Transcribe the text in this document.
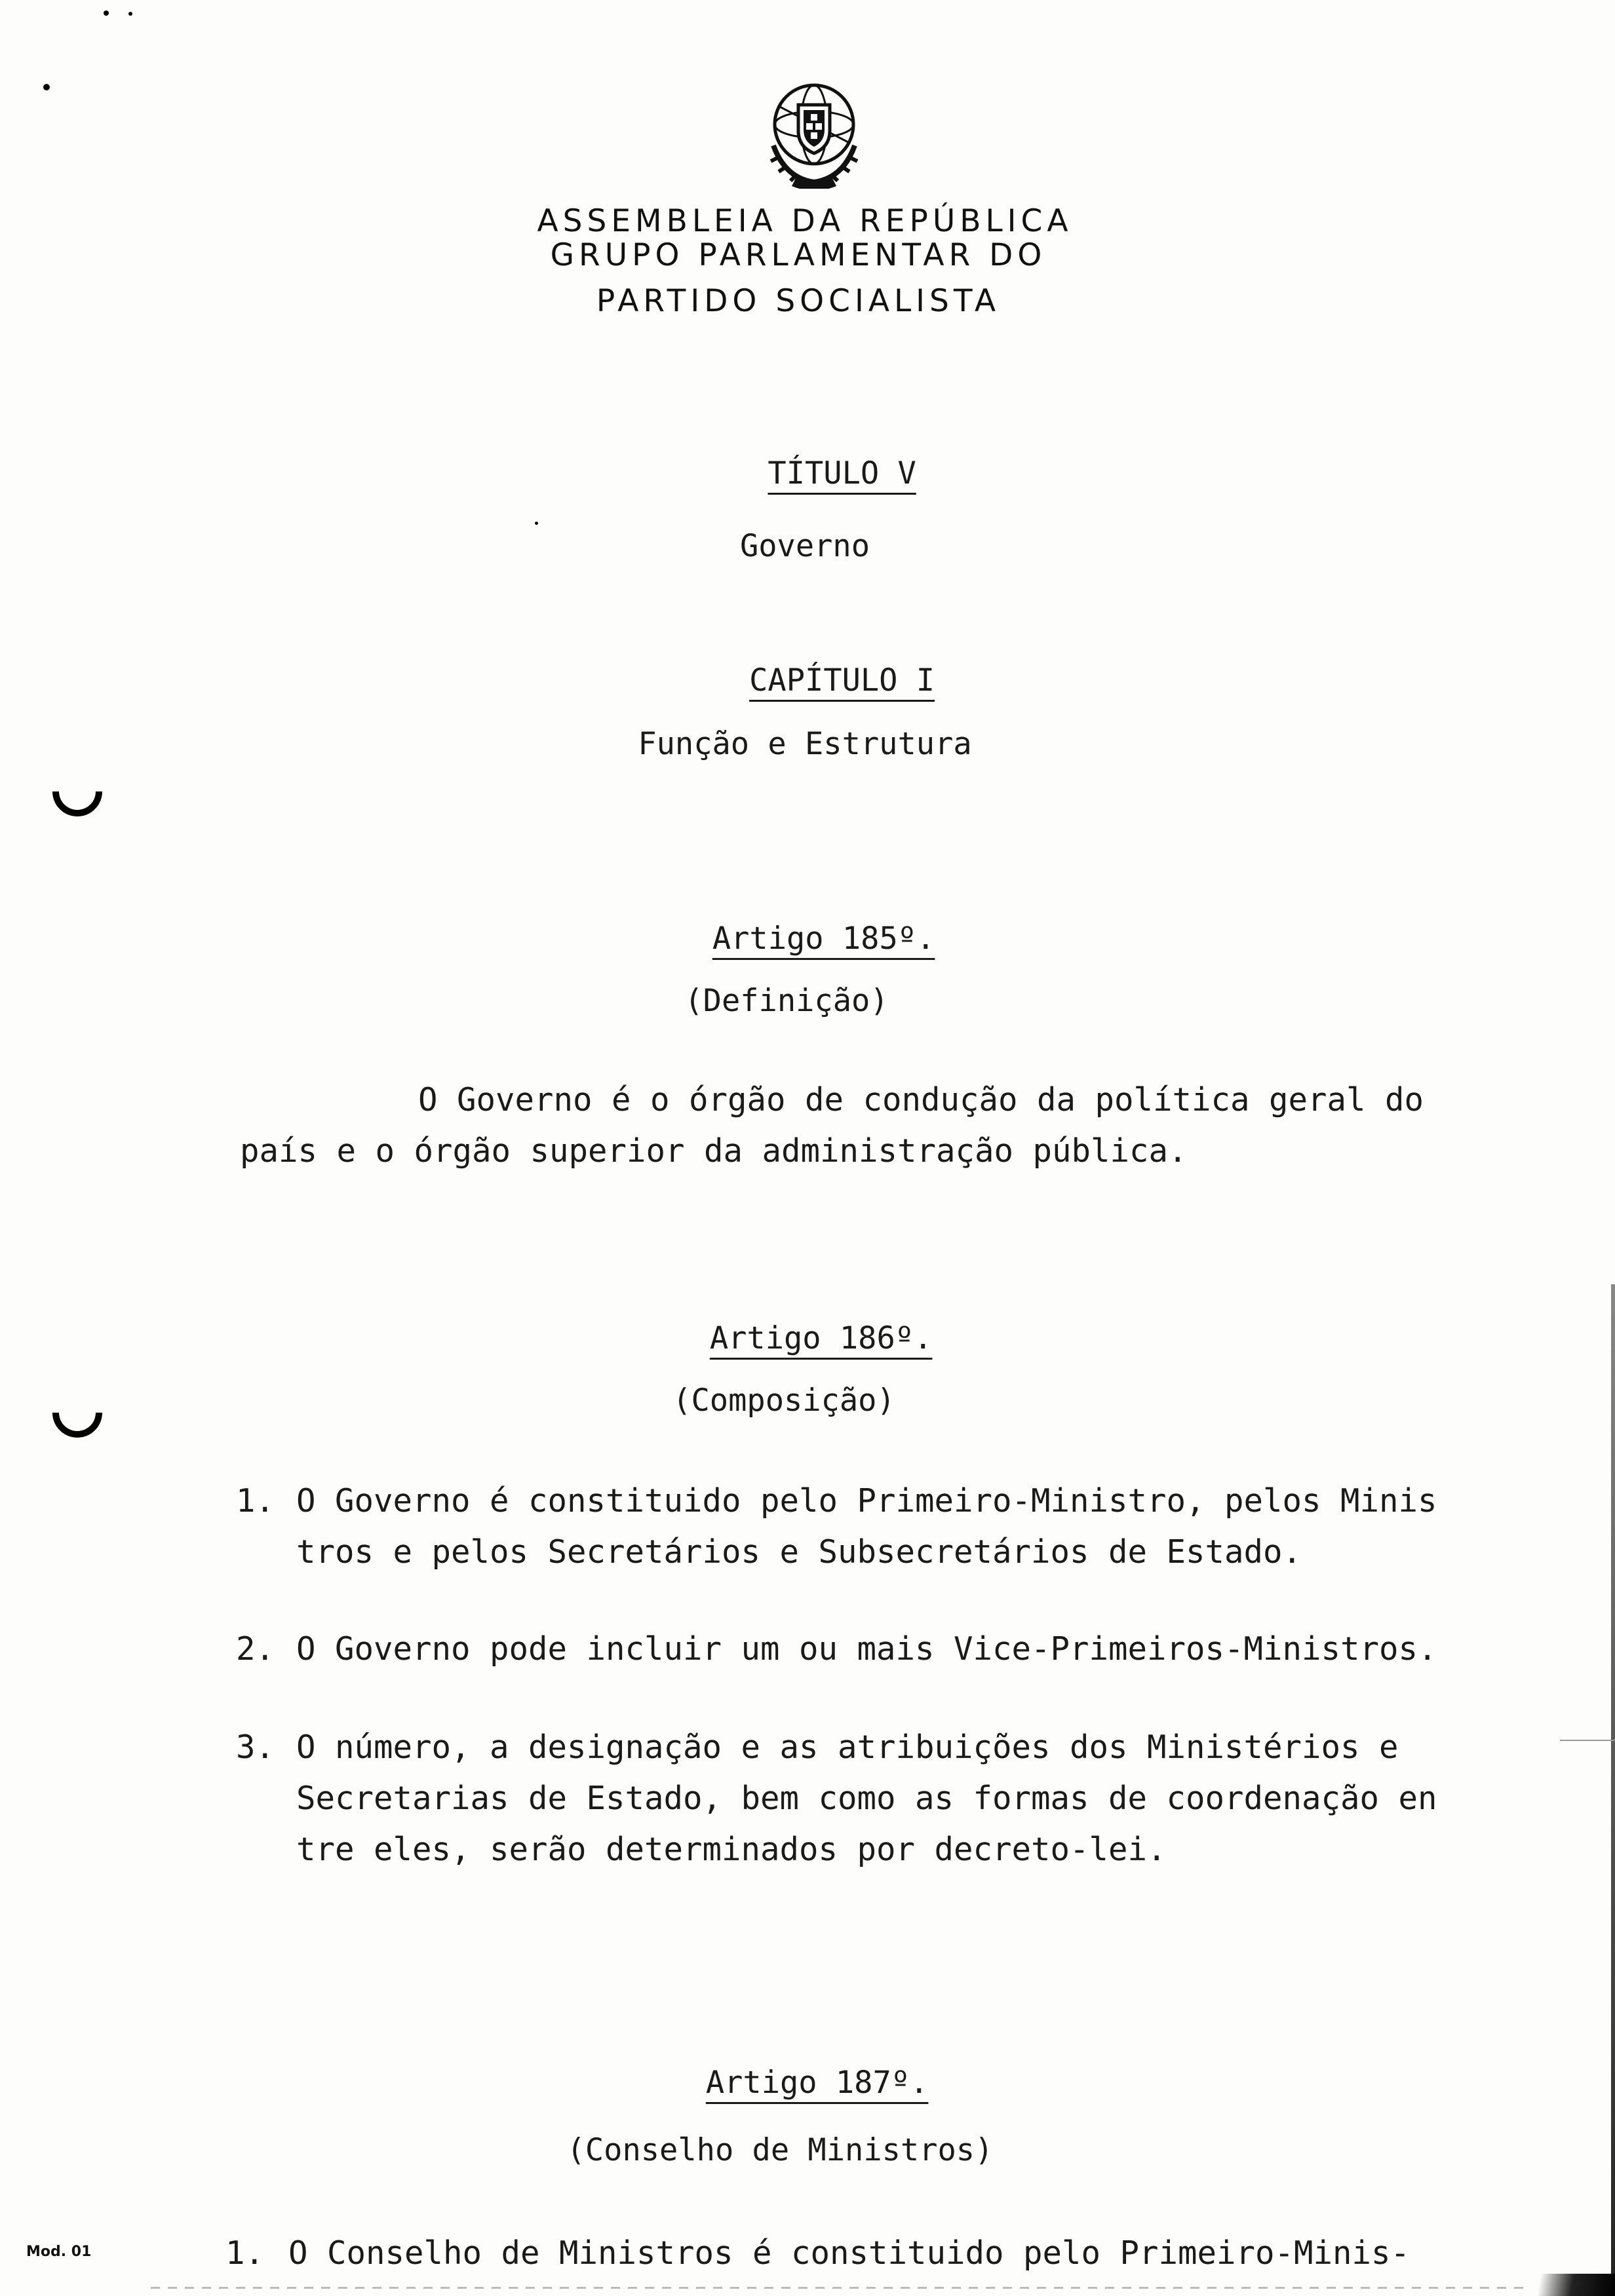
ASSEMBLEIA DA REPÚBLICA
GRUPO PARLAMENTAR DO
PARTIDO SOCIALISTA

TÍTULO V

Governo

CAPÍTULO I

Função e Estrutura

Artigo 185º.

(Definição)
O Governo é o órgão de condução da política geral do
país e o órgão superior da administração pública.

Artigo 186º.

(Composição)
1. O Governo é constituido pelo Primeiro-Ministro, pelos Minis
tros e pelos Secretários e Subsecretários de Estado.
2. O Governo pode incluir um ou mais Vice-Primeiros-Ministros.
3. O número, a designação e as atribuições dos Ministérios e
Secretarias de Estado, bem como as formas de coordenação en
tre eles, serão determinados por decreto-lei.

Artigo 187º.

(Conselho de Ministros)
1. O Conselho de Ministros é constituido pelo Primeiro-Minis-
Mod. 01
